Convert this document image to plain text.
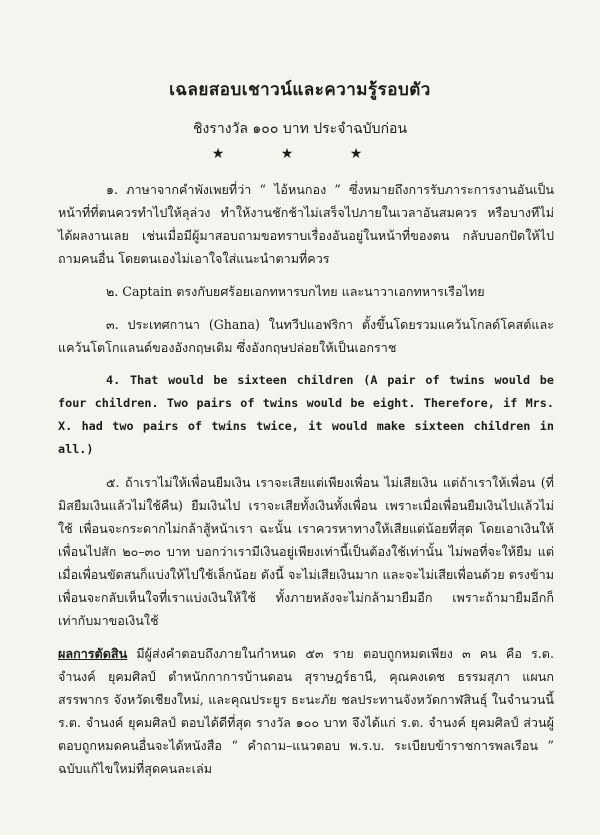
เฉลยสอบเชาวน์และความรู้รอบตัว
ชิงรางวัล ๑๐๐ บาท ประจำฉบับก่อน
★ ★ ★

๑. ภาษาจากคำพังเพยที่ว่า “ ไอ้หนกอง ” ซึ่งหมายถึงการรับภาระการงานอันเป็นหน้าที่ที่ตนควรทำไปให้ลุล่วง ทำให้งานชักช้าไม่เสร็จไปภายในเวลาอันสมควร หรือบางทีไม่ได้ผลงานเลย เช่นเมื่อมีผู้มาสอบถามขอทราบเรื่องอันอยู่ในหน้าที่ของตน กลับบอกปัดให้ไปถามคนอื่น โดยตนเองไม่เอาใจใส่แนะนำตามที่ควร

๒. Captain ตรงกับยศร้อยเอกทหารบกไทย และนาวาเอกทหารเรือไทย

๓. ประเทศกานา (Ghana) ในทวีปแอฟริกา ตั้งขึ้นโดยรวมแคว้นโกลด์โคสต์และแคว้นโตโกแลนด์ของอังกฤษเดิม ซึ่งอังกฤษปล่อยให้เป็นเอกราช

4. That would be sixteen children (A pair of twins would be four children. Two pairs of twins would be eight. Therefore, if Mrs. X. had two pairs of twins twice, it would make sixteen children in all.)

๕. ถ้าเราไม่ให้เพื่อนยืมเงิน เราจะเสียแต่เพียงเพื่อน ไม่เสียเงิน แต่ถ้าเราให้เพื่อน (ที่มิสยืมเงินแล้วไม่ใช้คืน) ยืมเงินไป เราจะเสียทั้งเงินทั้งเพื่อน เพราะเมื่อเพื่อนยืมเงินไปแล้วไม่ใช้ เพื่อนจะกระดากไม่กล้าสู้หน้าเรา ฉะนั้น เราควรหาทางให้เสียแต่น้อยที่สุด โดยเอาเงินให้เพื่อนไปสัก ๒๐–๓๐ บาท บอกว่าเรามีเงินอยู่เพียงเท่านี้เป็นต้องใช้เท่านั้น ไม่พอที่จะให้ยืม แต่เมื่อเพื่อนขัดสนก็แบ่งให้ไปใช้เล็กน้อย ดังนี้ จะไม่เสียเงินมาก และจะไม่เสียเพื่อนด้วย ตรงข้ามเพื่อนจะกลับเห็นใจที่เราแบ่งเงินให้ใช้ ทั้งภายหลังจะไม่กล้ามายืมอีก เพราะถ้ามายืมอีกก็เท่ากับมาขอเงินใช้

ผลการตัดสิน มีผู้ส่งคำตอบถึงภายในกำหนด ๕๓ ราย ตอบถูกหมดเพียง ๓ คน คือ ร.ต. จำนงค์ ยุคมศิลป์ ตำหนักกาการบ้านดอน สุราษฎร์ธานี, คุณคงเดช ธรรมสุภา แผนกสรรพากร จังหวัดเชียงใหม่, และคุณประยูร ธะนะภัย ชลประทานจังหวัดกาฬสินธุ์ ในจำนวนนี้ ร.ต. จำนงค์ ยุคมศิลป์ ตอบได้ดีที่สุด รางวัล ๑๐๐ บาท จึงได้แก่ ร.ต. จำนงค์ ยุคมศิลป์ ส่วนผู้ตอบถูกหมดคนอื่นจะได้หนังสือ “ คำถาม–แนวตอบ พ.ร.บ. ระเบียบข้าราชการพลเรือน ” ฉบับแก้ไขใหม่ที่สุดคนละเล่ม
